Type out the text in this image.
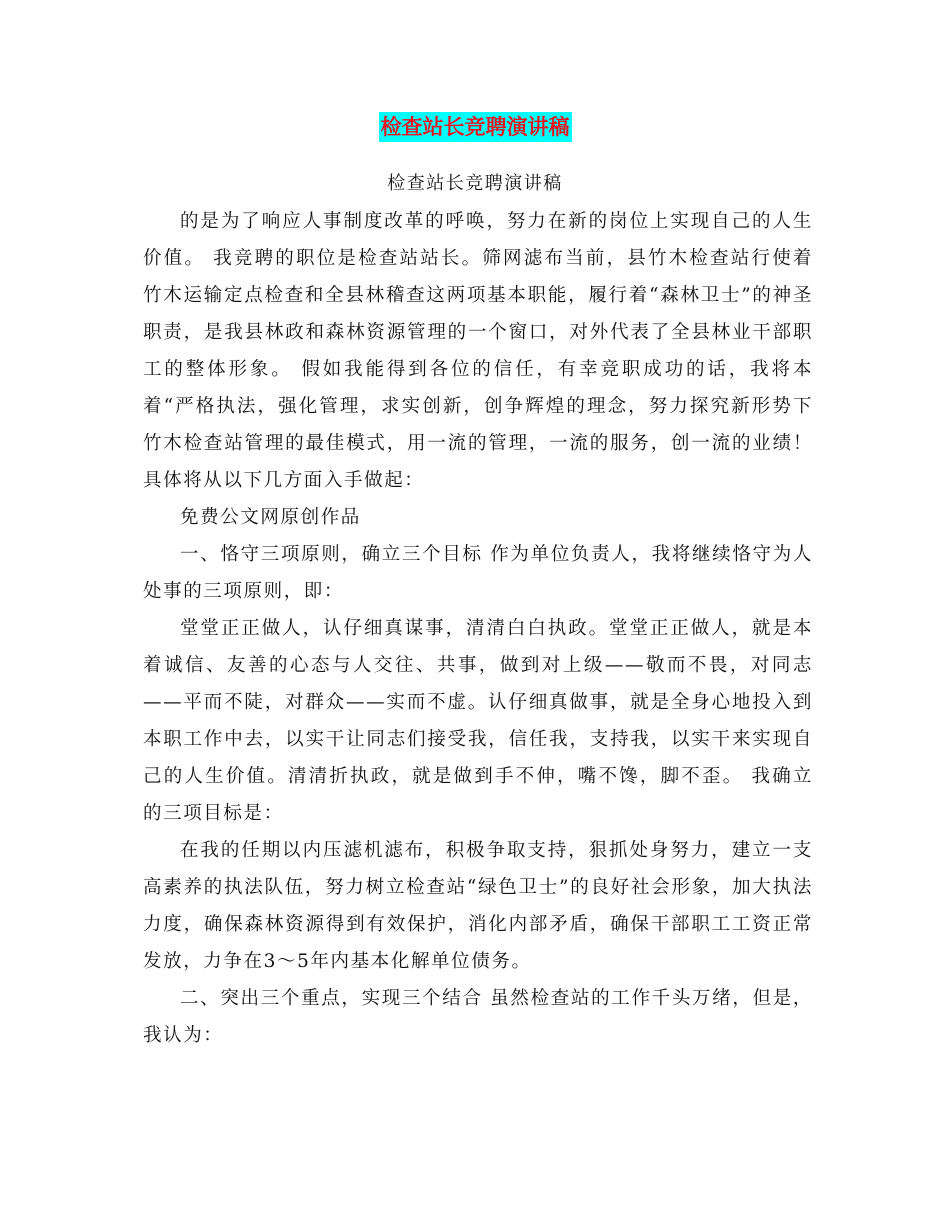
检查站长竞聘演讲稿
检查站长竞聘演讲稿

的是为了响应人事制度改革的呼唤，努力在新的岗位上实现自己的人生价值。 我竞聘的职位是检查站站长。筛网滤布当前，县竹木检查站行使着竹木运输定点检查和全县林稽查这两项基本职能，履行着“森林卫士”的神圣职责，是我县林政和森林资源管理的一个窗口，对外代表了全县林业干部职工的整体形象。 假如我能得到各位的信任，有幸竞职成功的话，我将本着“严格执法，强化管理，求实创新，创争辉煌的理念，努力探究新形势下竹木检查站管理的最佳模式，用一流的管理，一流的服务，创一流的业绩！具体将从以下几方面入手做起：

免费公文网原创作品

一、恪守三项原则，确立三个目标 作为单位负责人，我将继续恪守为人处事的三项原则，即：

堂堂正正做人，认仔细真谋事，清清白白执政。堂堂正正做人，就是本着诚信、友善的心态与人交往、共事，做到对上级——敬而不畏，对同志——平而不陡，对群众——实而不虚。认仔细真做事，就是全身心地投入到本职工作中去，以实干让同志们接受我，信任我，支持我，以实干来实现自己的人生价值。清清折执政，就是做到手不伸，嘴不馋，脚不歪。 我确立的三项目标是：

在我的任期以内压滤机滤布，积极争取支持，狠抓处身努力，建立一支高素养的执法队伍，努力树立检查站“绿色卫士”的良好社会形象，加大执法力度，确保森林资源得到有效保护，消化内部矛盾，确保干部职工工资正常发放，力争在3～5年内基本化解单位债务。

二、突出三个重点，实现三个结合 虽然检查站的工作千头万绪，但是，我认为：
